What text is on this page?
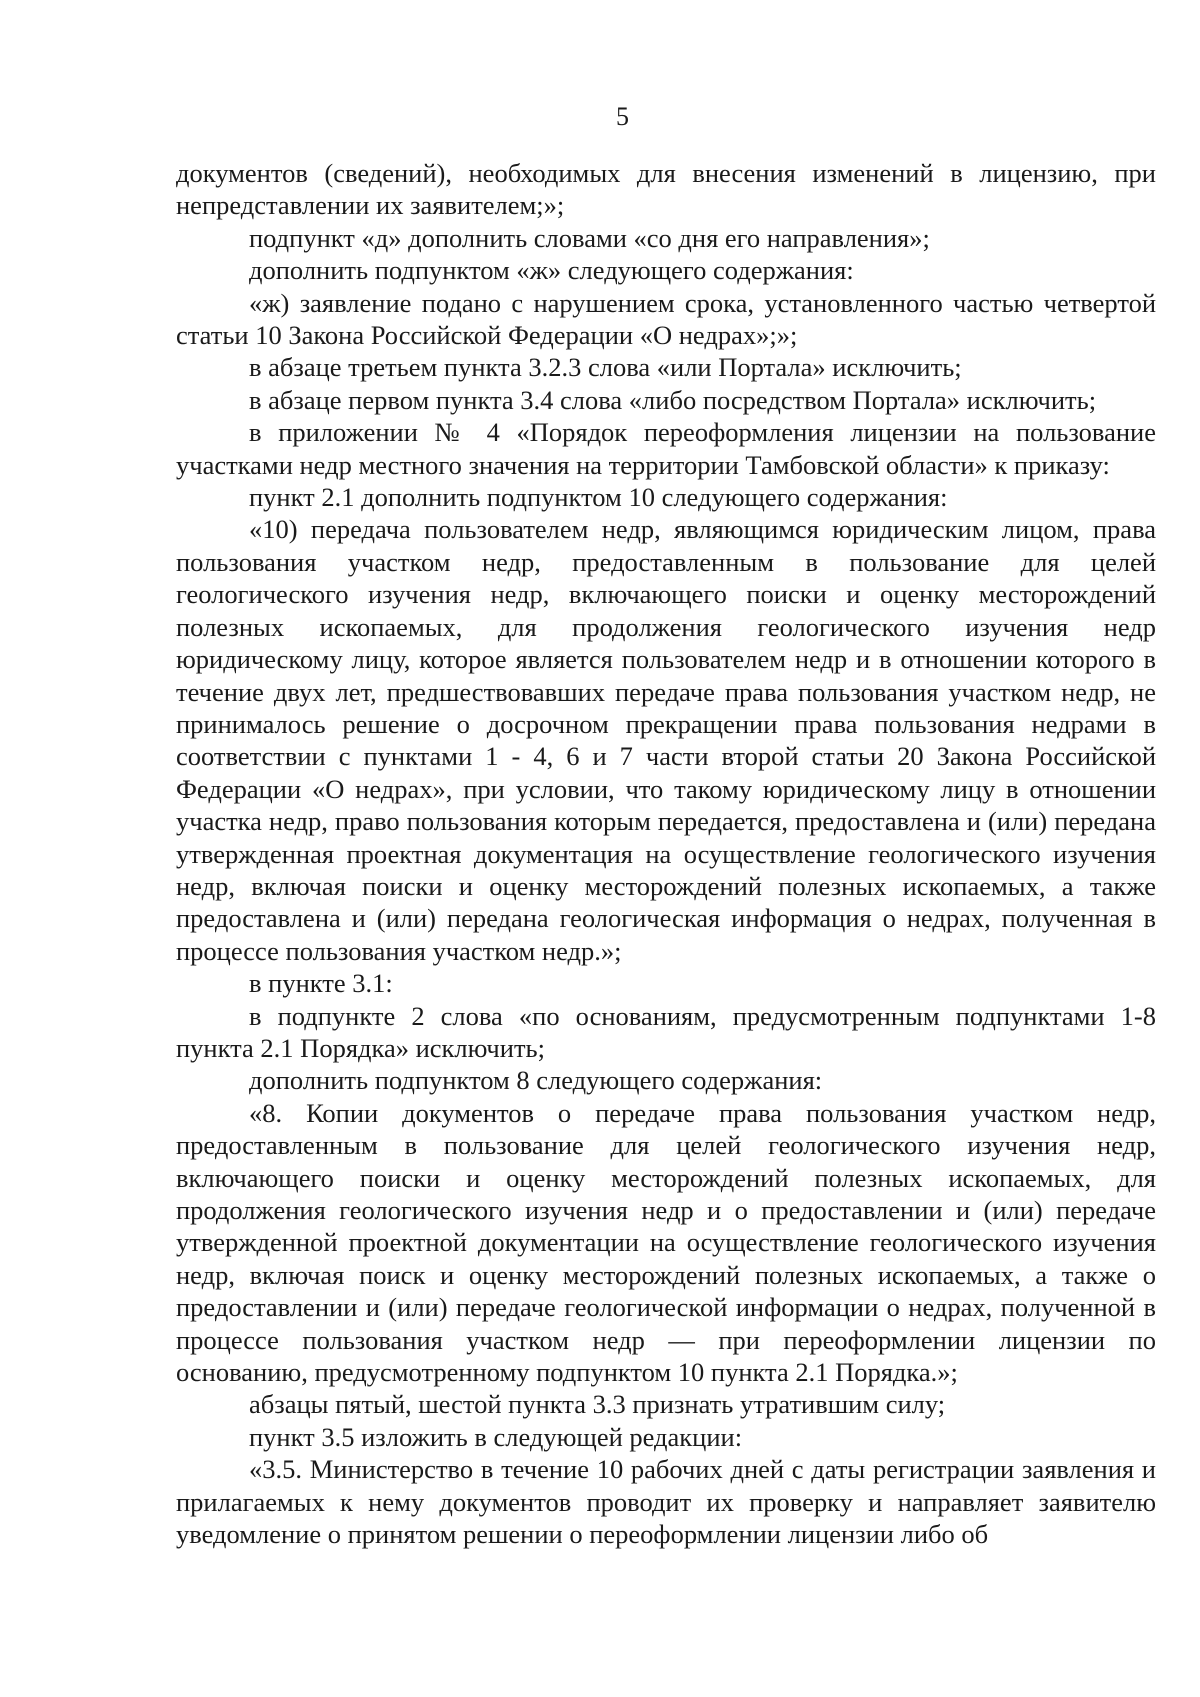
5

документов (сведений), необходимых для внесения изменений в лицензию, при непредставлении их заявителем;»;

подпункт «д» дополнить словами «со дня его направления»;

дополнить подпунктом «ж» следующего содержания:

«ж) заявление подано с нарушением срока, установленного частью четвертой статьи 10 Закона Российской Федерации «О недрах»;»;

в абзаце третьем пункта 3.2.3 слова «или Портала» исключить;

в абзаце первом пункта 3.4 слова «либо посредством Портала» исключить;

в приложении № 4 «Порядок переоформления лицензии на пользование участками недр местного значения на территории Тамбовской области» к приказу:

пункт 2.1 дополнить подпунктом 10 следующего содержания:

«10) передача пользователем недр, являющимся юридическим лицом, права пользования участком недр, предоставленным в пользование для целей геологического изучения недр, включающего поиски и оценку месторождений полезных ископаемых, для продолжения геологического изучения недр юридическому лицу, которое является пользователем недр и в отношении которого в течение двух лет, предшествовавших передаче права пользования участком недр, не принималось решение о досрочном прекращении права пользования недрами в соответствии с пунктами 1 - 4, 6 и 7 части второй статьи 20 Закона Российской Федерации «О недрах», при условии, что такому юридическому лицу в отношении участка недр, право пользования которым передается, предоставлена и (или) передана утвержденная проектная документация на осуществление геологического изучения недр, включая поиски и оценку месторождений полезных ископаемых, а также предоставлена и (или) передана геологическая информация о недрах, полученная в процессе пользования участком недр.»;

в пункте 3.1:

в подпункте 2 слова «по основаниям, предусмотренным подпунктами 1-8 пункта 2.1 Порядка» исключить;

дополнить подпунктом 8 следующего содержания:

«8. Копии документов о передаче права пользования участком недр, предоставленным в пользование для целей геологического изучения недр, включающего поиски и оценку месторождений полезных ископаемых, для продолжения геологического изучения недр и о предоставлении и (или) передаче утвержденной проектной документации на осуществление геологического изучения недр, включая поиск и оценку месторождений полезных ископаемых, а также о предоставлении и (или) передаче геологической информации о недрах, полученной в процессе пользования участком недр — при переоформлении лицензии по основанию, предусмотренному подпунктом 10 пункта 2.1 Порядка.»;

абзацы пятый, шестой пункта 3.3 признать утратившим силу;

пункт 3.5 изложить в следующей редакции:

«3.5. Министерство в течение 10 рабочих дней с даты регистрации заявления и прилагаемых к нему документов проводит их проверку и направляет заявителю уведомление о принятом решении о переоформлении лицензии либо об
